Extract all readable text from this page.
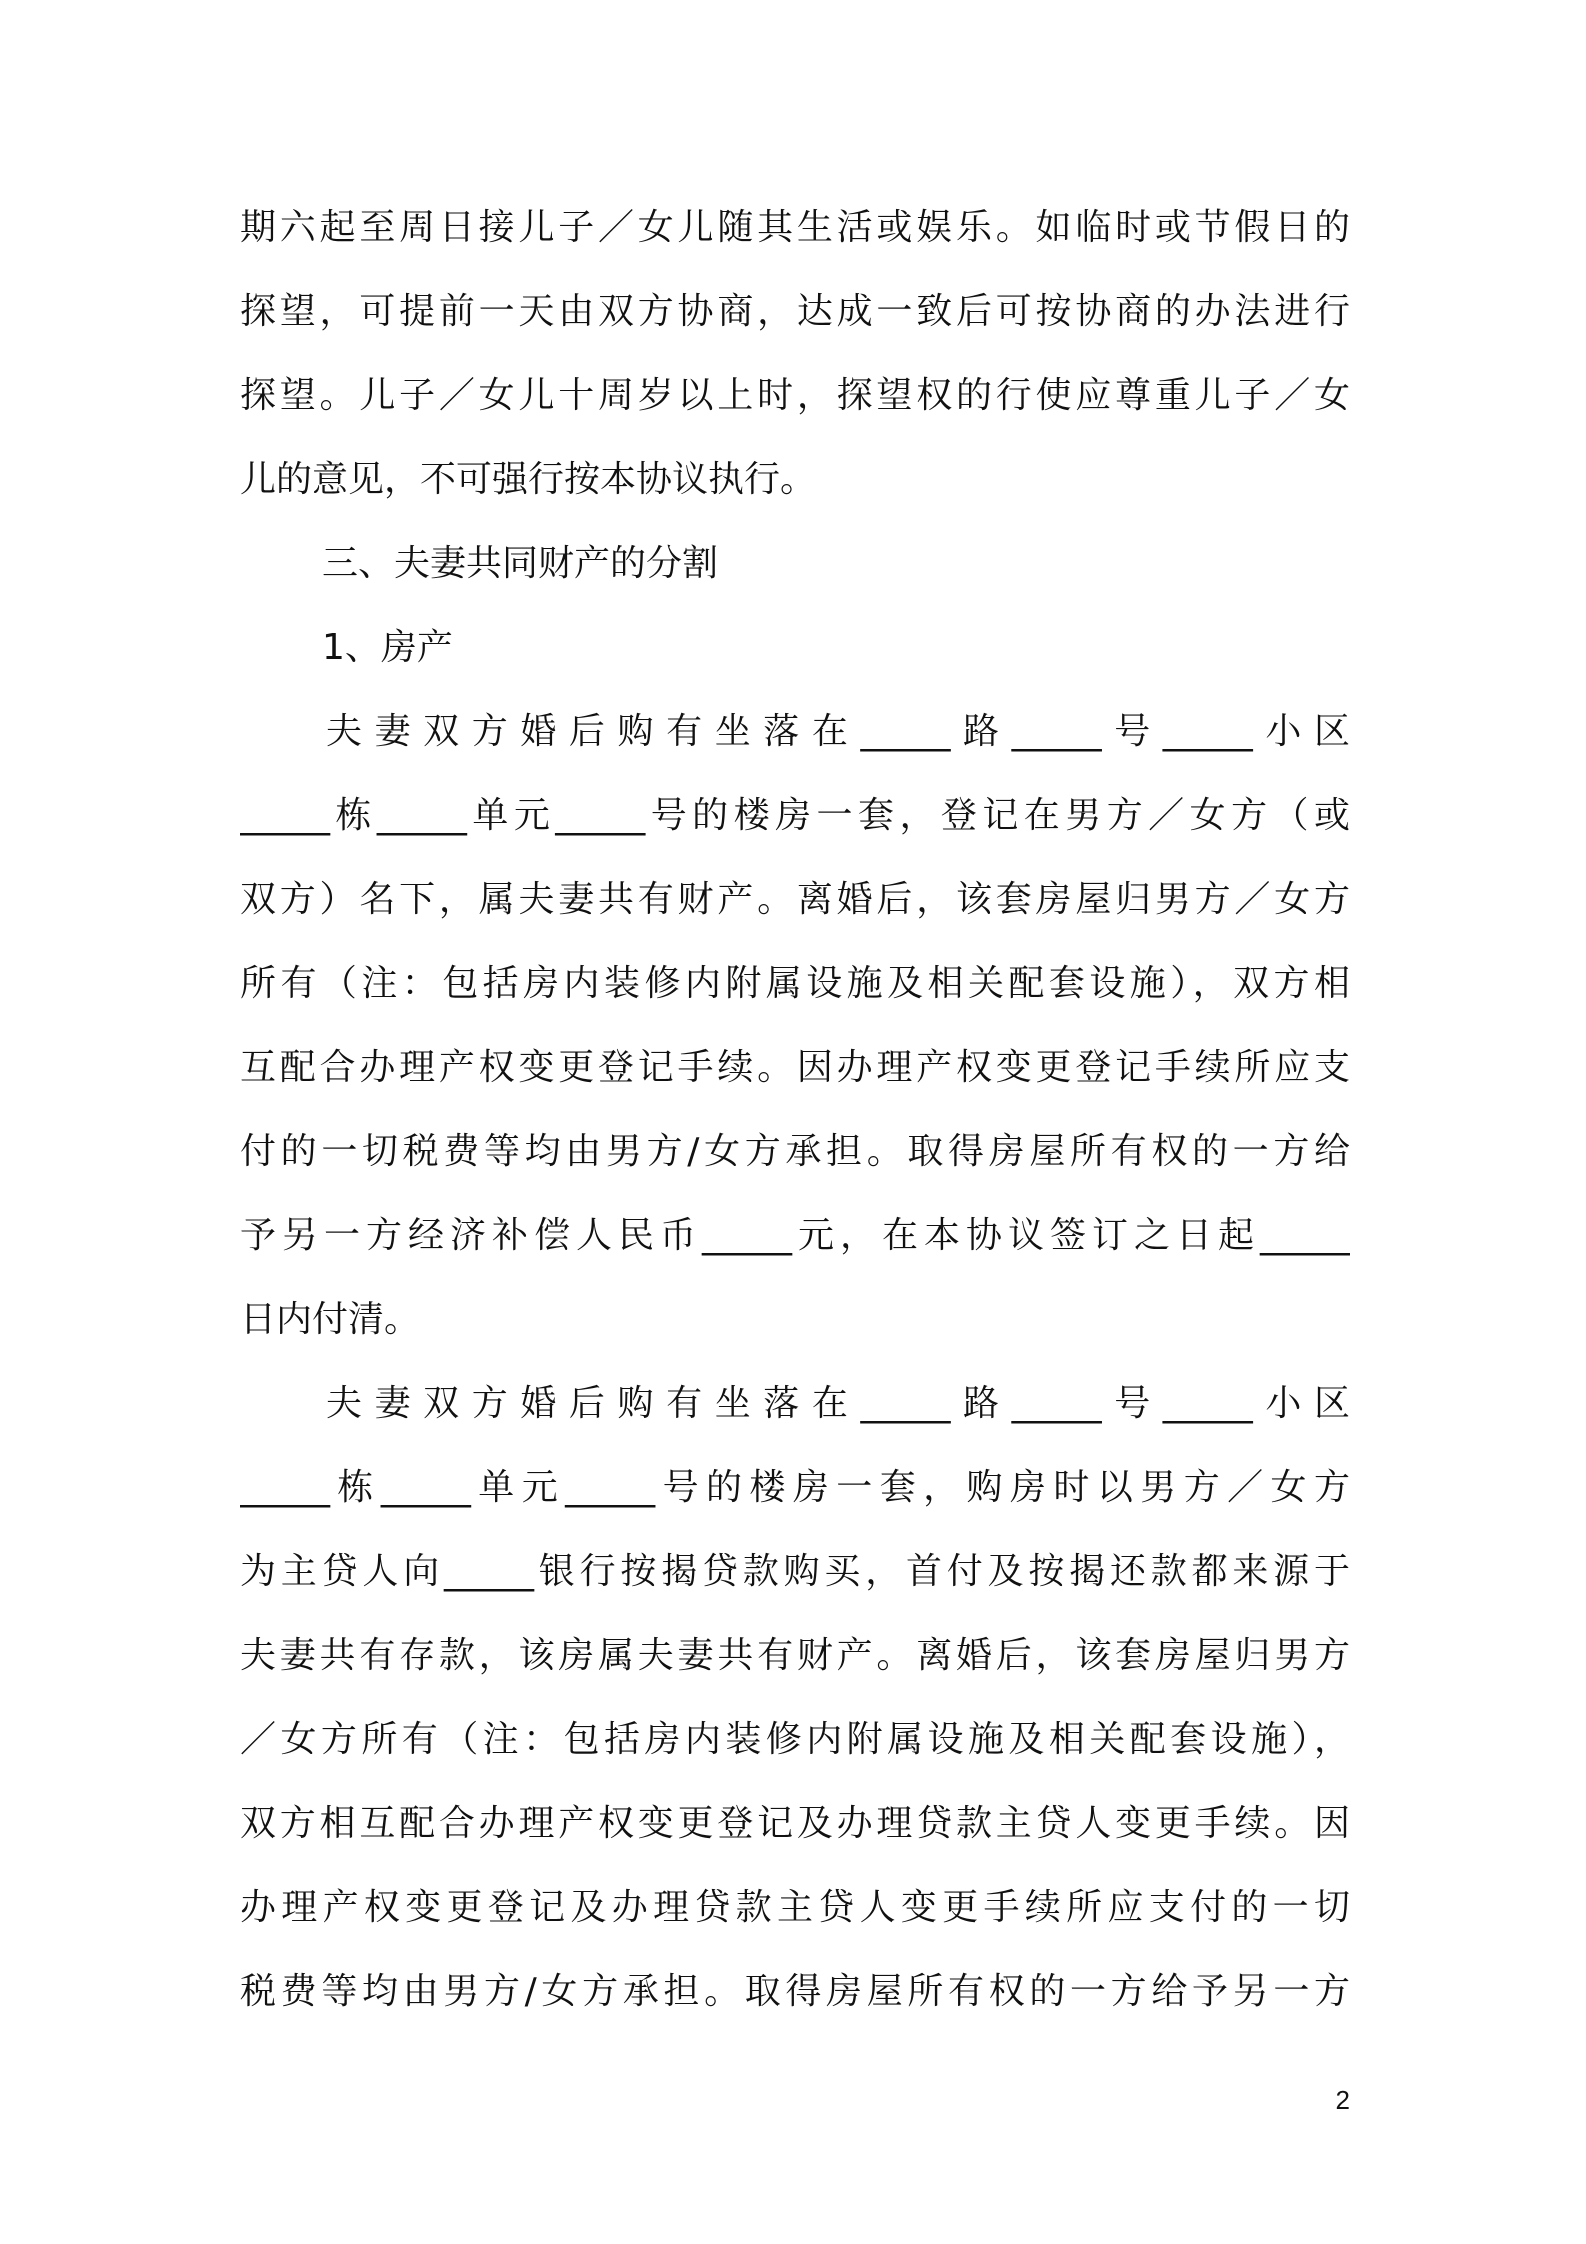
期六起至周日接儿子／女儿随其生活或娱乐。如临时或节假日的
探望，可提前一天由双方协商，达成一致后可按协商的办法进行
探望。儿子／女儿十周岁以上时，探望权的行使应尊重儿子／女
儿的意见，不可强行按本协议执行。
三、夫妻共同财产的分割
1、房产
夫妻双方婚后购有坐落在_____路_____号_____小区
_____栋_____单元_____号的楼房一套，登记在男方／女方（或
双方）名下，属夫妻共有财产。离婚后，该套房屋归男方／女方
所有（注：包括房内装修内附属设施及相关配套设施），双方相
互配合办理产权变更登记手续。因办理产权变更登记手续所应支
付的一切税费等均由男方/女方承担。取得房屋所有权的一方给
予另一方经济补偿人民币_____元，在本协议签订之日起_____
日内付清。
夫妻双方婚后购有坐落在_____路_____号_____小区
_____栋_____单元_____号的楼房一套，购房时以男方／女方
为主贷人向_____银行按揭贷款购买，首付及按揭还款都来源于
夫妻共有存款，该房属夫妻共有财产。离婚后，该套房屋归男方
／女方所有（注：包括房内装修内附属设施及相关配套设施），
双方相互配合办理产权变更登记及办理贷款主贷人变更手续。因
办理产权变更登记及办理贷款主贷人变更手续所应支付的一切
税费等均由男方/女方承担。取得房屋所有权的一方给予另一方
2
